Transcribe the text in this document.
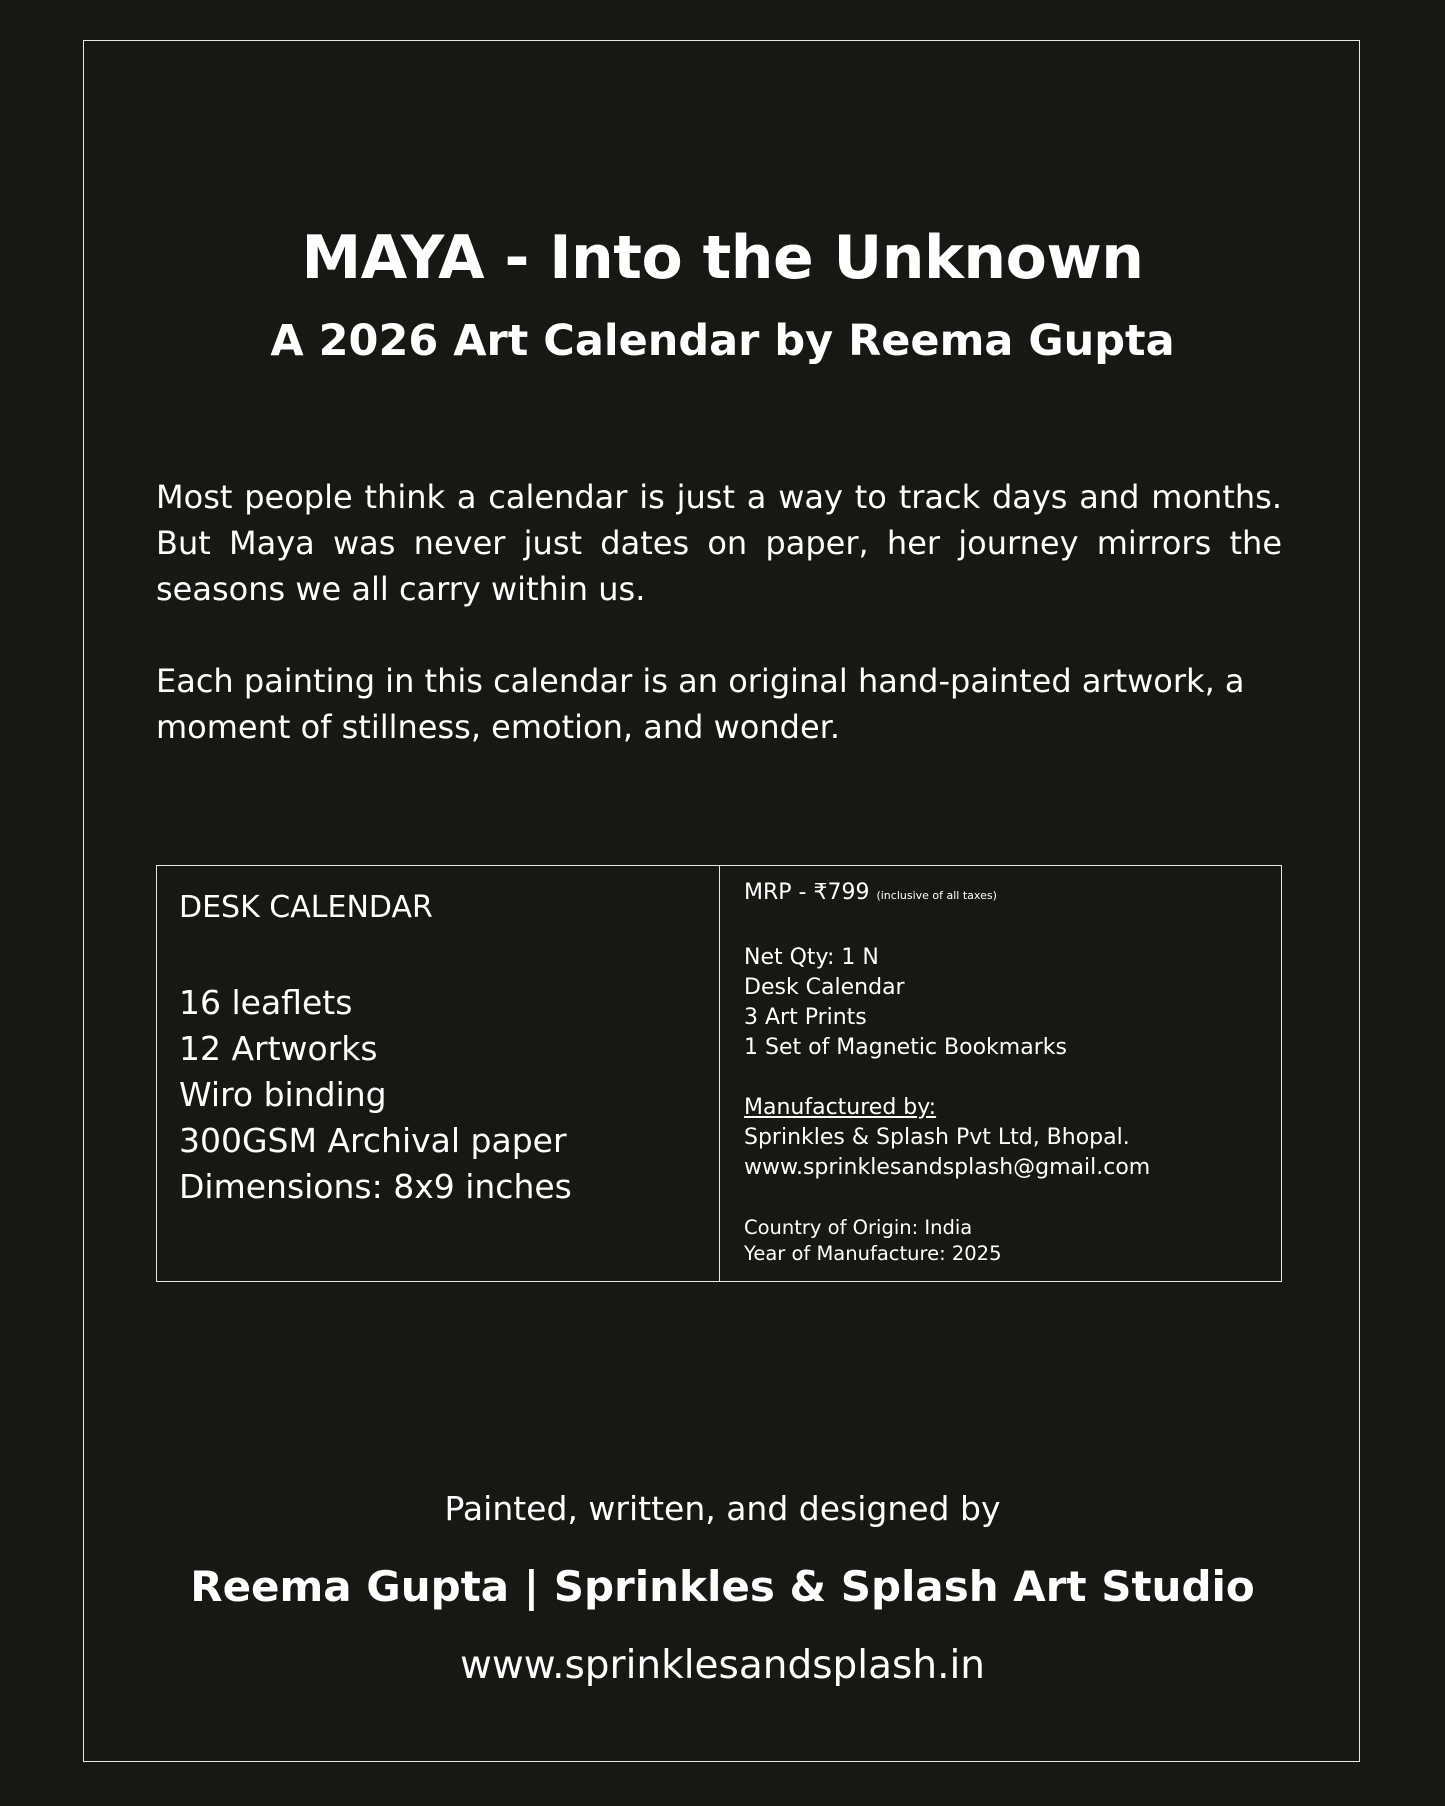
MAYA - Into the Unknown
A 2026 Art Calendar by Reema Gupta

Most people think a calendar is just a way to track days and months. But Maya was never just dates on paper, her journey mirrors the seasons we all carry within us.

Each painting in this calendar is an original hand-painted artwork, a moment of stillness, emotion, and wonder.

DESK CALENDAR

16 leaflets

12 Artworks

Wiro binding

300GSM Archival paper

Dimensions: 8x9 inches

MRP - ₹799 (inclusive of all taxes)

Net Qty: 1 N

Desk Calendar

3 Art Prints

1 Set of Magnetic Bookmarks

Manufactured by:

Sprinkles & Splash Pvt Ltd, Bhopal.

www.sprinklesandsplash@gmail.com

Country of Origin: India

Year of Manufacture: 2025

Painted, written, and designed by

Reema Gupta | Sprinkles & Splash Art Studio

www.sprinklesandsplash.in
